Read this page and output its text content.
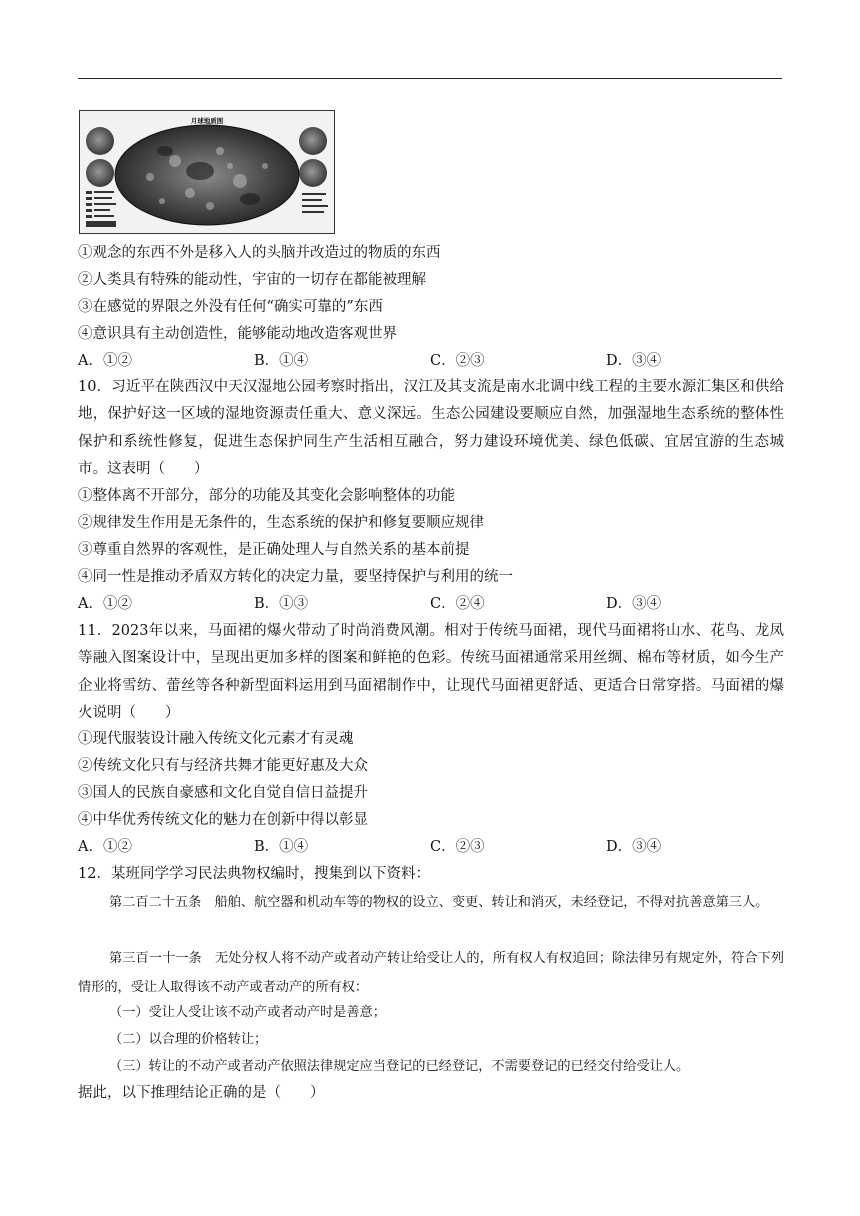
月球地质图
①观念的东西不外是移入人的头脑并改造过的物质的东西
②人类具有特殊的能动性，宇宙的一切存在都能被理解
③在感觉的界限之外没有任何“确实可靠的”东西
④意识具有主动创造性，能够能动地改造客观世界
A．①②	B．①④	C．②③	D．③④
10．习近平在陕西汉中天汉湿地公园考察时指出，汉江及其支流是南水北调中线工程的主要水源汇集区和供给地，保护好这一区域的湿地资源责任重大、意义深远。生态公园建设要顺应自然，加强湿地生态系统的整体性保护和系统性修复，促进生态保护同生产生活相互融合，努力建设环境优美、绿色低碳、宜居宜游的生态城市。这表明（　　）
①整体离不开部分，部分的功能及其变化会影响整体的功能
②规律发生作用是无条件的，生态系统的保护和修复要顺应规律
③尊重自然界的客观性，是正确处理人与自然关系的基本前提
④同一性是推动矛盾双方转化的决定力量，要坚持保护与利用的统一
A．①②	B．①③	C．②④	D．③④
11．2023年以来，马面裙的爆火带动了时尚消费风潮。相对于传统马面裙，现代马面裙将山水、花鸟、龙凤等融入图案设计中，呈现出更加多样的图案和鲜艳的色彩。传统马面裙通常采用丝绸、棉布等材质，如今生产企业将雪纺、蕾丝等各种新型面料运用到马面裙制作中，让现代马面裙更舒适、更适合日常穿搭。马面裙的爆火说明（　　）
①现代服装设计融入传统文化元素才有灵魂
②传统文化只有与经济共舞才能更好惠及大众
③国人的民族自豪感和文化自觉自信日益提升
④中华优秀传统文化的魅力在创新中得以彰显
A．①②	B．①④	C．②③	D．③④
12．某班同学学习民法典物权编时，搜集到以下资料：
第二百二十五条　船舶、航空器和机动车等的物权的设立、变更、转让和消灭，未经登记，不得对抗善意第三人。
第三百一十一条　无处分权人将不动产或者动产转让给受让人的，所有权人有权追回；除法律另有规定外，符合下列情形的，受让人取得该不动产或者动产的所有权：
（一）受让人受让该不动产或者动产时是善意；
（二）以合理的价格转让；
（三）转让的不动产或者动产依照法律规定应当登记的已经登记，不需要登记的已经交付给受让人。
据此，以下推理结论正确的是（　　）
